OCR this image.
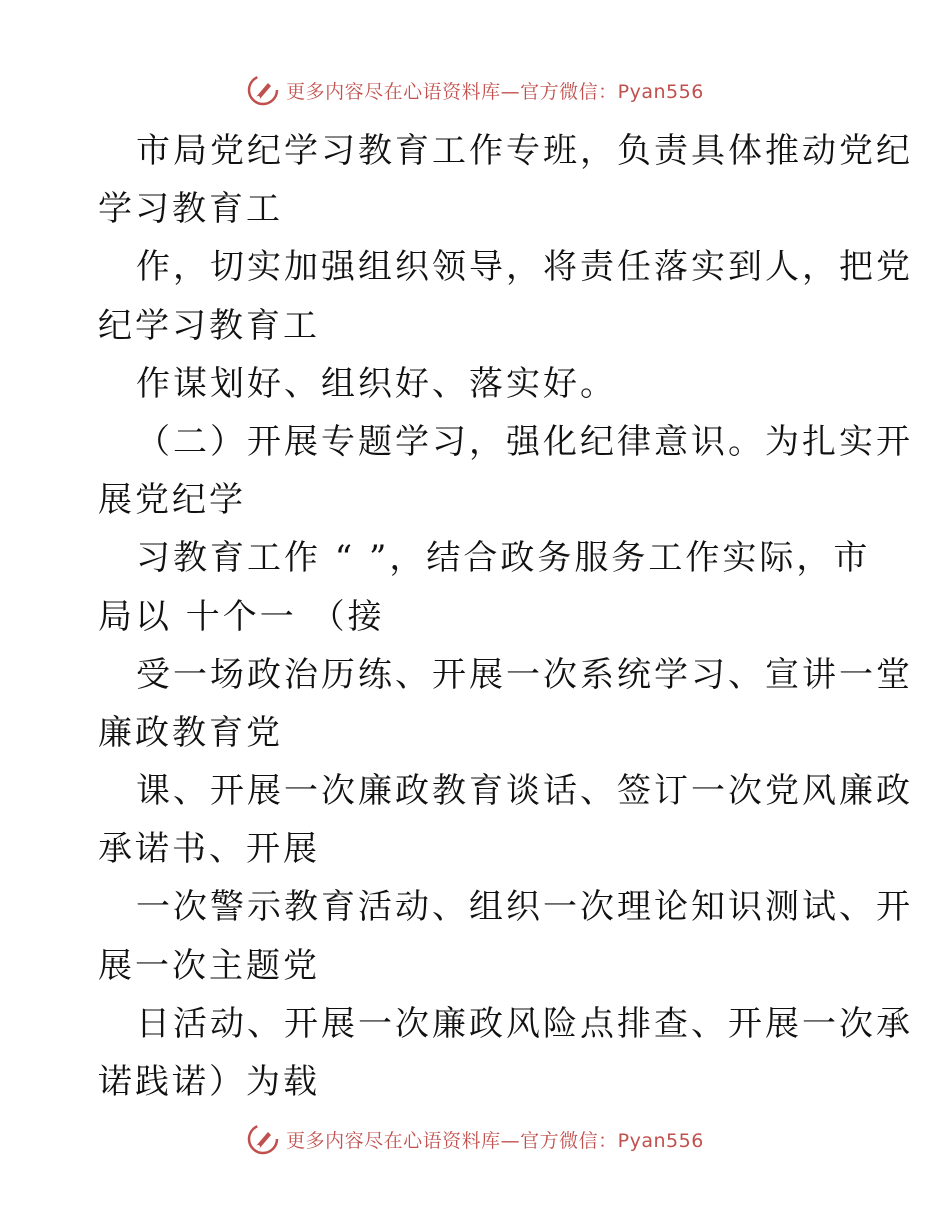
更多内容尽在心语资料库—官方微信：Pyan556
市局党纪学习教育工作专班，负责具体推动党纪
学习教育工
作，切实加强组织领导，将责任落实到人，把党
纪学习教育工
作谋划好、组织好、落实好。
（二）开展专题学习，强化纪律意识。为扎实开
展党纪学
习教育工作 “ ”，结合政务服务工作实际，市
局以 十个一 （接
受一场政治历练、开展一次系统学习、宣讲一堂
廉政教育党
课、开展一次廉政教育谈话、签订一次党风廉政
承诺书、开展
一次警示教育活动、组织一次理论知识测试、开
展一次主题党
日活动、开展一次廉政风险点排查、开展一次承
诺践诺）为载
更多内容尽在心语资料库—官方微信：Pyan556
